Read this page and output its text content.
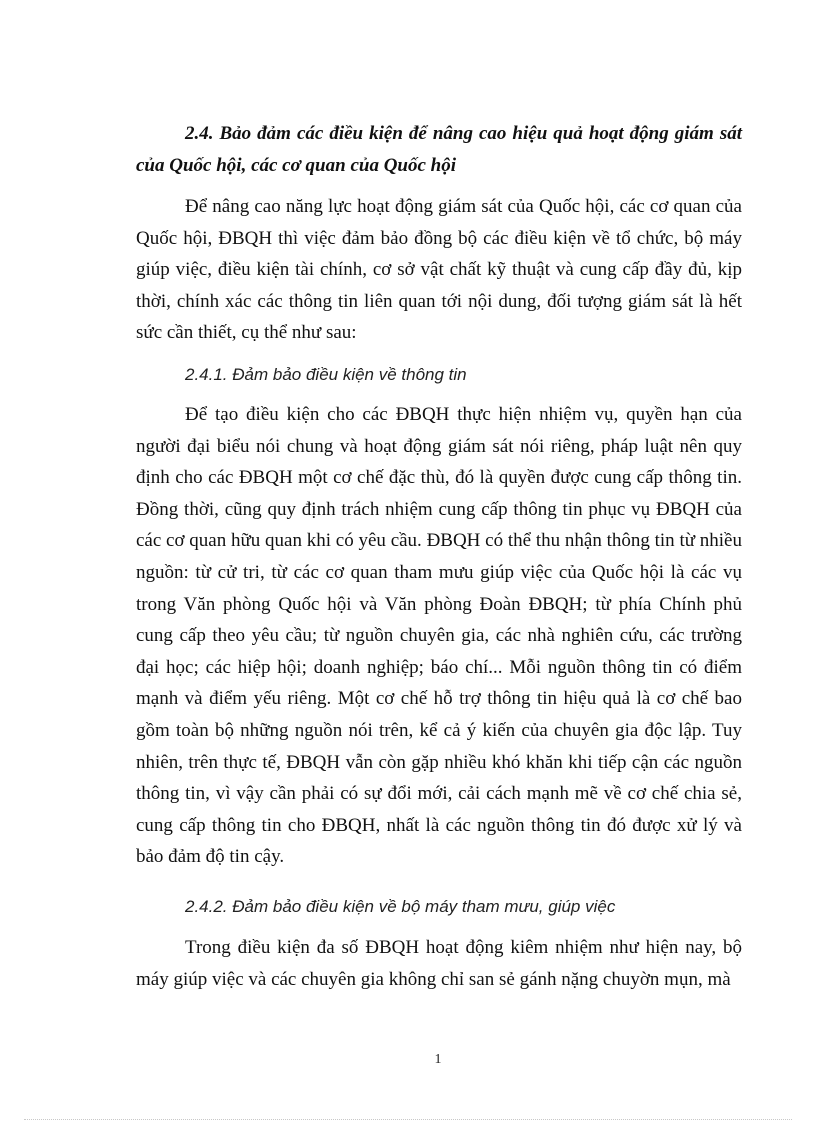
2.4. Bảo đảm các điều kiện để nâng cao hiệu quả hoạt động giám sát của Quốc hội, các cơ quan của Quốc hội

Để nâng cao năng lực hoạt động giám sát của Quốc hội, các cơ quan của Quốc hội, ĐBQH thì việc đảm bảo đồng bộ các điều kiện về tổ chức, bộ máy giúp việc, điều kiện tài chính, cơ sở vật chất kỹ thuật và cung cấp đầy đủ, kịp thời, chính xác các thông tin liên quan tới nội dung, đối tượng giám sát là hết sức cần thiết, cụ thể như sau:

2.4.1. Đảm bảo điều kiện về thông tin

Để tạo điều kiện cho các ĐBQH thực hiện nhiệm vụ, quyền hạn của người đại biểu nói chung và hoạt động giám sát nói riêng, pháp luật nên quy định cho các ĐBQH một cơ chế đặc thù, đó là quyền được cung cấp thông tin. Đồng thời, cũng quy định trách nhiệm cung cấp thông tin phục vụ ĐBQH của các cơ quan hữu quan khi có yêu cầu. ĐBQH có thể thu nhận thông tin từ nhiều nguồn: từ cử tri, từ các cơ quan tham mưu giúp việc của Quốc hội là các vụ trong Văn phòng Quốc hội và Văn phòng Đoàn ĐBQH; từ phía Chính phủ cung cấp theo yêu cầu; từ nguồn chuyên gia, các nhà nghiên cứu, các trường đại học; các hiệp hội; doanh nghiệp; báo chí... Mỗi nguồn thông tin có điểm mạnh và điểm yếu riêng. Một cơ chế hỗ trợ thông tin hiệu quả là cơ chế bao gồm toàn bộ những nguồn nói trên, kể cả ý kiến của chuyên gia độc lập. Tuy nhiên, trên thực tế, ĐBQH vẫn còn gặp nhiều khó khăn khi tiếp cận các nguồn thông tin, vì vậy cần phải có sự đổi mới, cải cách mạnh mẽ về cơ chế chia sẻ, cung cấp thông tin cho ĐBQH, nhất là các nguồn thông tin đó được xử lý và bảo đảm độ tin cậy.

2.4.2. Đảm bảo điều kiện về bộ máy tham mưu, giúp việc

Trong điều kiện đa số ĐBQH hoạt động kiêm nhiệm như hiện nay, bộ máy giúp việc và các chuyên gia không chỉ san sẻ gánh nặng chuyờn mụn, mà

1
